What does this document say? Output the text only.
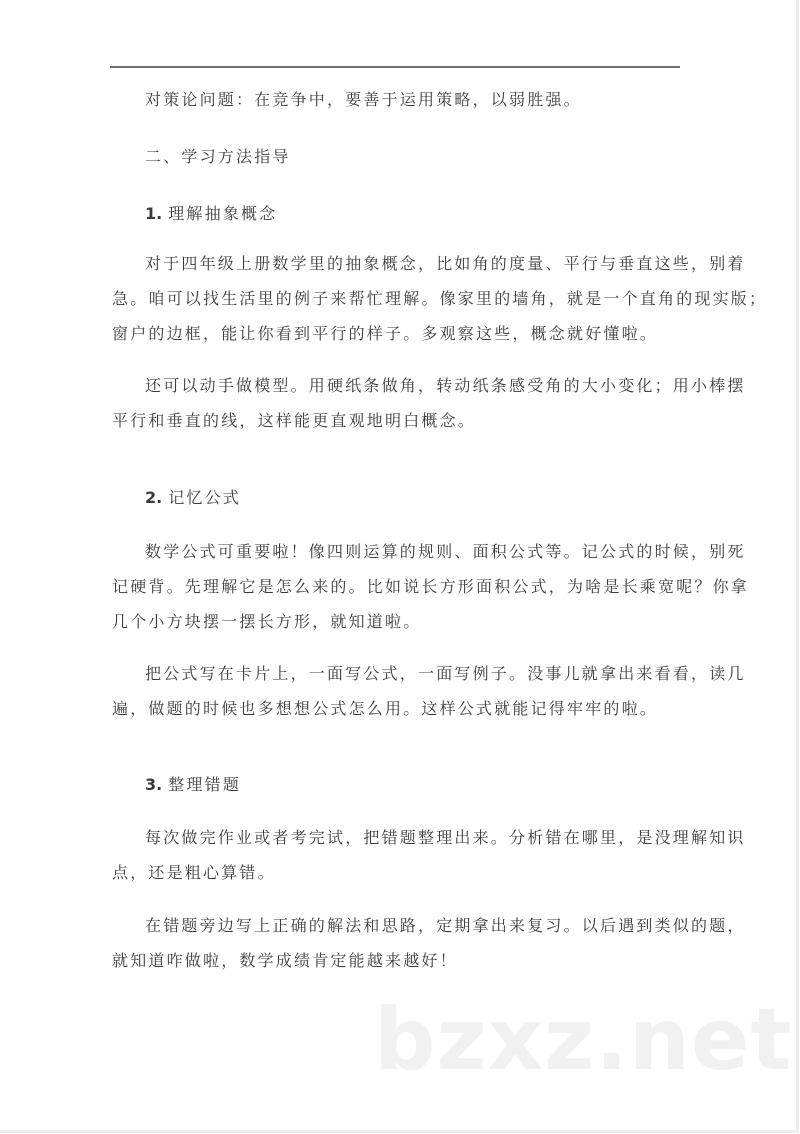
对策论问题：在竞争中，要善于运用策略，以弱胜强。
二、学习方法指导
1. 理解抽象概念
对于四年级上册数学里的抽象概念，比如角的度量、平行与垂直这些，别着
急。咱可以找生活里的例子来帮忙理解。像家里的墙角，就是一个直角的现实版；
窗户的边框，能让你看到平行的样子。多观察这些，概念就好懂啦。
还可以动手做模型。用硬纸条做角，转动纸条感受角的大小变化；用小棒摆
平行和垂直的线，这样能更直观地明白概念。
2. 记忆公式
数学公式可重要啦！像四则运算的规则、面积公式等。记公式的时候，别死
记硬背。先理解它是怎么来的。比如说长方形面积公式，为啥是长乘宽呢？你拿
几个小方块摆一摆长方形，就知道啦。
把公式写在卡片上，一面写公式，一面写例子。没事儿就拿出来看看，读几
遍，做题的时候也多想想公式怎么用。这样公式就能记得牢牢的啦。
3. 整理错题
每次做完作业或者考完试，把错题整理出来。分析错在哪里，是没理解知识
点，还是粗心算错。
在错题旁边写上正确的解法和思路，定期拿出来复习。以后遇到类似的题，
就知道咋做啦，数学成绩肯定能越来越好！
bzxz.net
